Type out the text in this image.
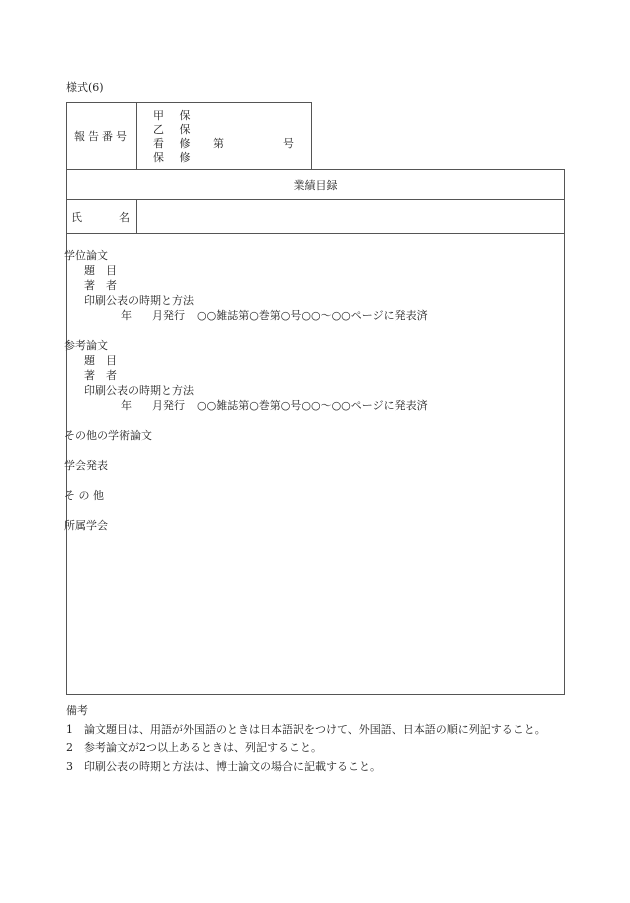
様式(6)
報告番号
甲 保
乙 保
看 修
保 修
第	号
業績目録
氏	名
学位論文
題　目
著　者
印刷公表の時期と方法
年 月発行 ○○雑誌第○巻第○号○○～○○ページに発表済
参考論文
題　目
著　者
印刷公表の時期と方法
年 月発行 ○○雑誌第○巻第○号○○～○○ページに発表済
その他の学術論文
学会発表
そ の 他
所属学会
備考
1 論文題目は、用語が外国語のときは日本語訳をつけて、外国語、日本語の順に列記すること。
2 参考論文が2つ以上あるときは、列記すること。
3 印刷公表の時期と方法は、博士論文の場合に記載すること。
